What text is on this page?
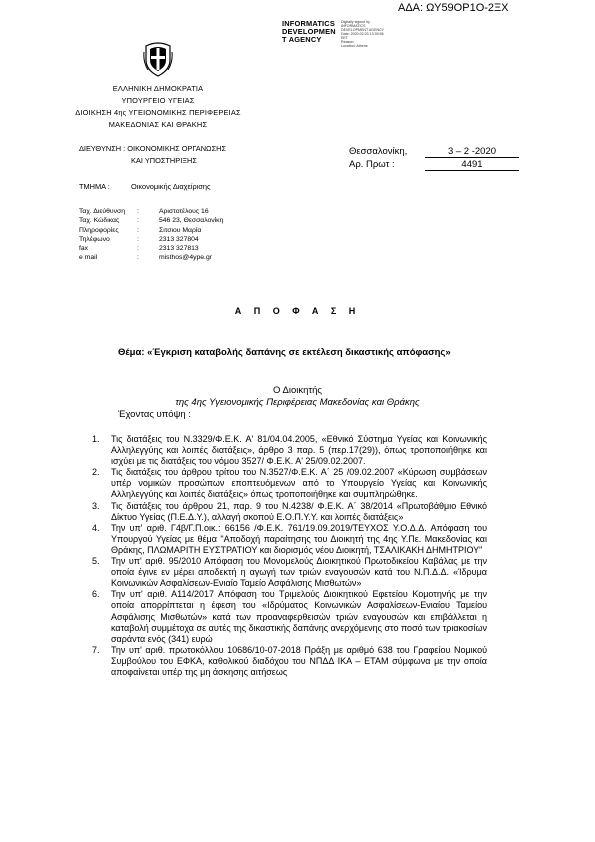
ΑΔΑ: ΩΥ59ΟΡ1Ο-2ΞΧ
INFORMATICS
DEVELOPMEN
T AGENCY
Digitally signed by
INFORMATICS
DEVELOPMENT AGENCY
Date: 2020.02.03 13:39:56
EET
Reason:
Location: Athens
ΕΛΛΗΝΙΚΗ ΔΗΜΟΚΡΑΤΙΑ
ΥΠΟΥΡΓΕΙΟ ΥΓΕΙΑΣ
ΔΙΟΙΚΗΣΗ 4ης ΥΓΕΙΟΝΟΜΙΚΗΣ ΠΕΡΙΦΕΡΕΙΑΣ
ΜΑΚΕΔΟΝΙΑΣ ΚΑΙ ΘΡΑΚΗΣ
ΔΙΕΥΘΥΝΣΗ : ΟΙΚΟΝΟΜΙΚΗΣ ΟΡΓΑΝΩΣΗΣ
ΚΑΙ ΥΠΟΣΤΗΡΙΞΗΣ
ΤΜΗΜΑ :	Οικονομικής Διαχείρισης
Θεσσαλονίκη,	3 – 2 -2020
Αρ. Πρωτ :	4491
Ταχ. Διεύθυνση :	Αριστοτέλους 16
Ταχ. Κώδικας	:	546 23, Θεσσαλονίκη
Πληροφορίες	:	Σιτσιου Μαρία
Τηλέφωνο	:	2313 327804
fax	:	2313 327813
e mail	:	misthos@4ype.gr
Α Π Ο Φ Α Σ Η
Θέμα: «Έγκριση καταβολής δαπάνης σε εκτέλεση δικαστικής απόφασης»
Ο Διοικητής
της 4ης Υγειονομικής Περιφέρειας Μακεδονίας και Θράκης
Έχοντας υπόψη :

1. Τις διατάξεις του Ν.3329/Φ.Ε.Κ. Α' 81/04.04.2005, «Εθνικό Σύστημα Υγείας και Κοινωνικής Αλληλεγγύης και λοιπές διατάξεις», άρθρο 3 παρ. 5 (περ.17(29)), όπως τροποποιήθηκε και ισχύει με τις διατάξεις του νόμου 3527/ Φ.Ε.Κ. Α' 25/09.02.2007.

2. Τις διατάξεις του άρθρου τρίτου του Ν.3527/Φ.Ε.Κ. Α΄ 25 /09.02.2007 «Κύρωση συμβάσεων υπέρ νομικών προσώπων εποπτευόμενων από το Υπουργείο Υγείας και Κοινωνικής Αλληλεγγύης και λοιπές διατάξεις» όπως τροποποιήθηκε και συμπληρώθηκε.

3. Τις διατάξεις του άρθρου 21, παρ. 9 του Ν.4238/ Φ.Ε.Κ. Α΄ 38/2014 «Πρωτοβάθμιο Εθνικό Δίκτυο Υγείας (Π.Ε.Δ.Υ.), αλλαγή σκοπού Ε.Ο.Π.Υ.Υ. και λοιπές διατάξεις»

4. Την υπ' αριθ. Γ4β/Γ.Π.οικ.: 66156 /Φ.Ε.Κ. 761/19.09.2019/ΤΕΥΧΟΣ Υ.Ο.Δ.Δ. Απόφαση του Υπουργού Υγείας με θέμα "Αποδοχή παραίτησης του Διοικητή της 4ης Υ.Πε. Μακεδονίας και Θράκης, ΠΛΩΜΑΡΙΤΗ ΕΥΣΤΡΑΤΙΟΥ και διορισμός νέου Διοικητή, ΤΣΑΛΙΚΑΚΗ ΔΗΜΗΤΡΙΟΥ"

5. Την υπ' αριθ. 95/2010 Απόφαση του Μονομελούς Διοικητικού Πρωτοδικείου Καβάλας με την οποία έγινε εν μέρει αποδεκτή η αγωγή των τριών εναγουσών κατά του Ν.Π.Δ.Δ. «Ίδρυμα Κοινωνικών Ασφαλίσεων-Ενιαίο Ταμείο Ασφάλισης Μισθωτών»

6. Την υπ' αριθ. Α114/2017 Απόφαση του Τριμελούς Διοικητικού Εφετείου Κομοτηνής με την οποία απορρίπτεται η έφεση του «Ιδρύματος Κοινωνικών Ασφαλίσεων-Ενιαίου Ταμείου Ασφάλισης Μισθωτών» κατά των προαναφερθεισών τριών εναγουσών και επιβάλλεται η καταβολή συμμέτοχα σε αυτές της δικαστικής δαπάνης ανερχόμενης στο ποσό των τριακοσίων σαράντα ενός (341) ευρώ

7. Την υπ' αριθ. πρωτοκόλλου 10686/10-07-2018 Πράξη με αριθμό 638 του Γραφείου Νομικού Συμβούλου του ΕΦΚΑ, καθολικού διαδόχου του ΝΠΔΔ ΙΚΑ – ΕΤΑΜ σύμφωνα με την οποία αποφαίνεται υπέρ της μη άσκησης αιτήσεως
